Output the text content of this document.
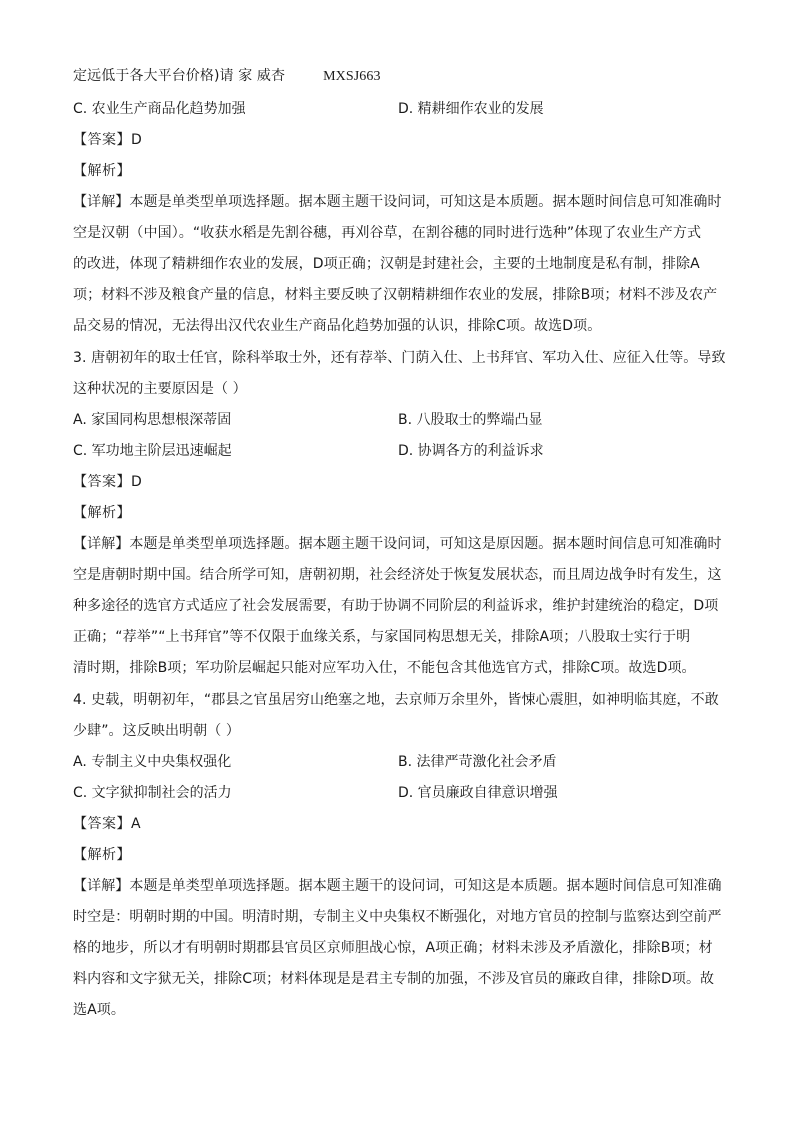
定远低于各大平台价格)请 家 威杏	MXSJ663
C. 农业生产商品化趋势加强	D. 精耕细作农业的发展
【答案】D
【解析】
【详解】本题是单类型单项选择题。据本题主题干设问词，可知这是本质题。据本题时间信息可知准确时
空是汉朝（中国）。“收获水稻是先割谷穗，再刈谷草，在割谷穗的同时进行选种”体现了农业生产方式
的改进，体现了精耕细作农业的发展，D项正确；汉朝是封建社会，主要的土地制度是私有制，排除A
项；材料不涉及粮食产量的信息，材料主要反映了汉朝精耕细作农业的发展，排除B项；材料不涉及农产
品交易的情况，无法得出汉代农业生产商品化趋势加强的认识，排除C项。故选D项。
3. 唐朝初年的取士任官，除科举取士外，还有荐举、门荫入仕、上书拜官、军功入仕、应征入仕等。导致
这种状况的主要原因是（ ）
A. 家国同构思想根深蒂固	B. 八股取士的弊端凸显
C. 军功地主阶层迅速崛起	D. 协调各方的利益诉求
【答案】D
【解析】
【详解】本题是单类型单项选择题。据本题主题干设问词，可知这是原因题。据本题时间信息可知准确时
空是唐朝时期中国。结合所学可知，唐朝初期，社会经济处于恢复发展状态，而且周边战争时有发生，这
种多途径的选官方式适应了社会发展需要，有助于协调不同阶层的利益诉求，维护封建统治的稳定，D项
正确；“荐举”“上书拜官”等不仅限于血缘关系，与家国同构思想无关，排除A项；八股取士实行于明
清时期，排除B项；军功阶层崛起只能对应军功入仕，不能包含其他选官方式，排除C项。故选D项。
4. 史载，明朝初年，“郡县之官虽居穷山绝塞之地，去京师万余里外，皆悚心震胆，如神明临其庭，不敢
少肆”。这反映出明朝（ ）
A. 专制主义中央集权强化	B. 法律严苛激化社会矛盾
C. 文字狱抑制社会的活力	D. 官员廉政自律意识增强
【答案】A
【解析】
【详解】本题是单类型单项选择题。据本题主题干的设问词，可知这是本质题。据本题时间信息可知准确
时空是：明朝时期的中国。明清时期，专制主义中央集权不断强化，对地方官员的控制与监察达到空前严
格的地步，所以才有明朝时期郡县官员区京师胆战心惊，A项正确；材料未涉及矛盾激化，排除B项；材
料内容和文字狱无关，排除C项；材料体现是是君主专制的加强，不涉及官员的廉政自律，排除D项。故
选A项。
